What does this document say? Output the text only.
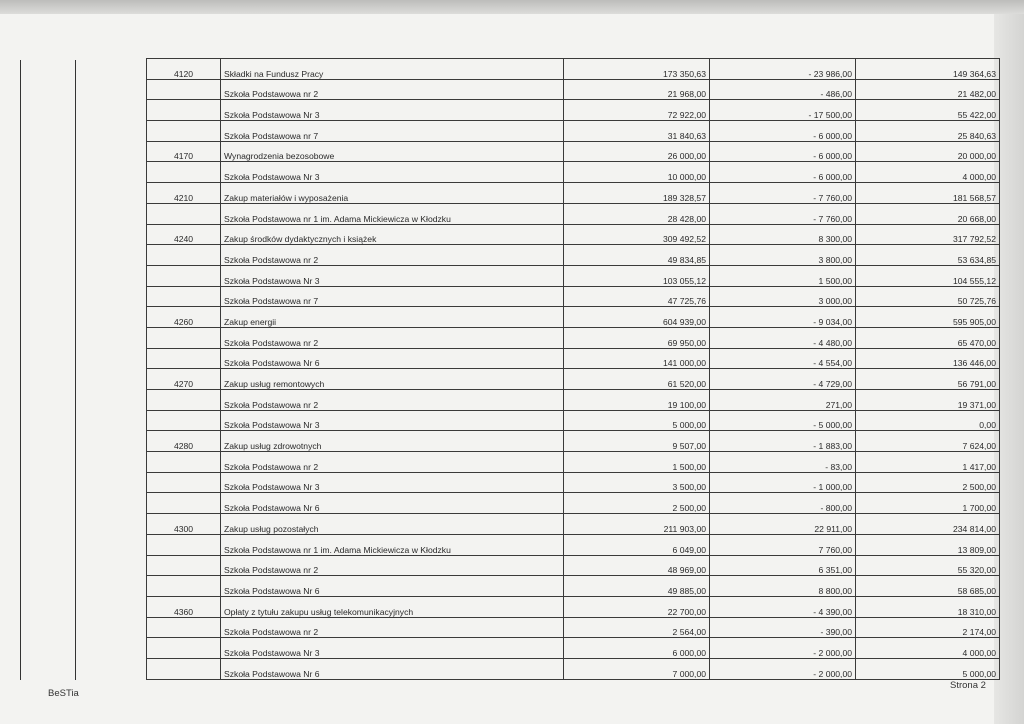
4120	Składki na Fundusz Pracy	173 350,63	- 23 986,00	149 364,63
	Szkoła Podstawowa nr 2	21 968,00	- 486,00	21 482,00
	Szkoła Podstawowa Nr 3	72 922,00	- 17 500,00	55 422,00
	Szkoła Podstawowa nr 7	31 840,63	- 6 000,00	25 840,63
4170	Wynagrodzenia bezosobowe	26 000,00	- 6 000,00	20 000,00
	Szkoła Podstawowa Nr 3	10 000,00	- 6 000,00	4 000,00
4210	Zakup materiałów i wyposażenia	189 328,57	- 7 760,00	181 568,57
	Szkoła Podstawowa nr 1 im. Adama Mickiewicza w Kłodzku	28 428,00	- 7 760,00	20 668,00
4240	Zakup środków dydaktycznych i książek	309 492,52	8 300,00	317 792,52
	Szkoła Podstawowa nr 2	49 834,85	3 800,00	53 634,85
	Szkoła Podstawowa Nr 3	103 055,12	1 500,00	104 555,12
	Szkoła Podstawowa nr 7	47 725,76	3 000,00	50 725,76
4260	Zakup energii	604 939,00	- 9 034,00	595 905,00
	Szkoła Podstawowa nr 2	69 950,00	- 4 480,00	65 470,00
	Szkoła Podstawowa Nr 6	141 000,00	- 4 554,00	136 446,00
4270	Zakup usług remontowych	61 520,00	- 4 729,00	56 791,00
	Szkoła Podstawowa nr 2	19 100,00	271,00	19 371,00
	Szkoła Podstawowa Nr 3	5 000,00	- 5 000,00	0,00
4280	Zakup usług zdrowotnych	9 507,00	- 1 883,00	7 624,00
	Szkoła Podstawowa nr 2	1 500,00	- 83,00	1 417,00
	Szkoła Podstawowa Nr 3	3 500,00	- 1 000,00	2 500,00
	Szkoła Podstawowa Nr 6	2 500,00	- 800,00	1 700,00
4300	Zakup usług pozostałych	211 903,00	22 911,00	234 814,00
	Szkoła Podstawowa nr 1 im. Adama Mickiewicza w Kłodzku	6 049,00	7 760,00	13 809,00
	Szkoła Podstawowa nr 2	48 969,00	6 351,00	55 320,00
	Szkoła Podstawowa Nr 6	49 885,00	8 800,00	58 685,00
4360	Opłaty z tytułu zakupu usług telekomunikacyjnych	22 700,00	- 4 390,00	18 310,00
	Szkoła Podstawowa nr 2	2 564,00	- 390,00	2 174,00
	Szkoła Podstawowa Nr 3	6 000,00	- 2 000,00	4 000,00
	Szkoła Podstawowa Nr 6	7 000,00	- 2 000,00	5 000,00
BeSTia
Strona 2
